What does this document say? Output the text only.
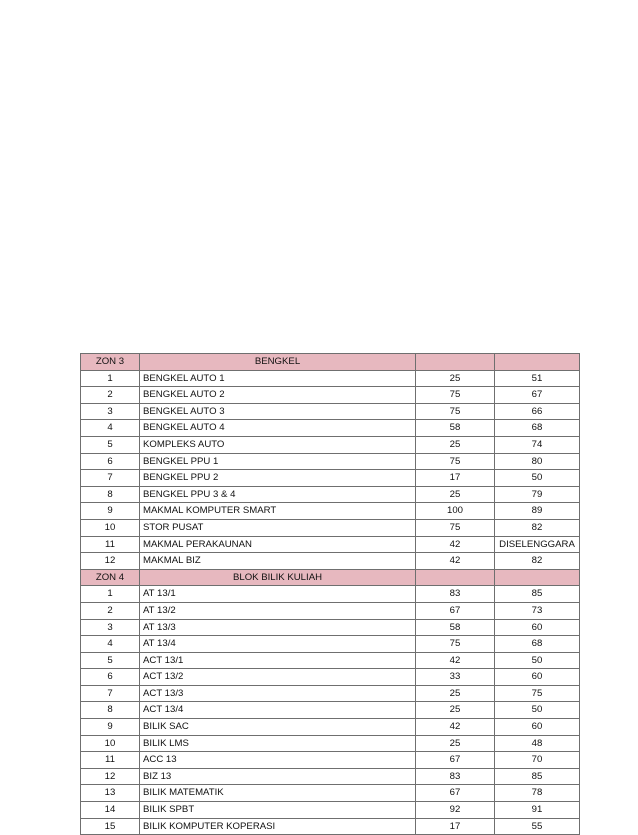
ZON 3	BENGKEL		
1	BENGKEL AUTO 1	25	51
2	BENGKEL AUTO 2	75	67
3	BENGKEL AUTO 3	75	66
4	BENGKEL AUTO 4	58	68
5	KOMPLEKS AUTO	25	74
6	BENGKEL PPU 1	75	80
7	BENGKEL PPU 2	17	50
8	BENGKEL PPU 3 & 4	25	79
9	MAKMAL KOMPUTER SMART	100	89
10	STOR PUSAT	75	82
11	MAKMAL PERAKAUNAN	42	DISELENGGARA
12	MAKMAL BIZ	42	82
ZON 4	BLOK BILIK KULIAH		
1	AT 13/1	83	85
2	AT 13/2	67	73
3	AT 13/3	58	60
4	AT 13/4	75	68
5	ACT 13/1	42	50
6	ACT 13/2	33	60
7	ACT 13/3	25	75
8	ACT 13/4	25	50
9	BILIK SAC	42	60
10	BILIK LMS	25	48
11	ACC 13	67	70
12	BIZ 13	83	85
13	BILIK MATEMATIK	67	78
14	BILIK SPBT	92	91
15	BILIK KOMPUTER KOPERASI	17	55
